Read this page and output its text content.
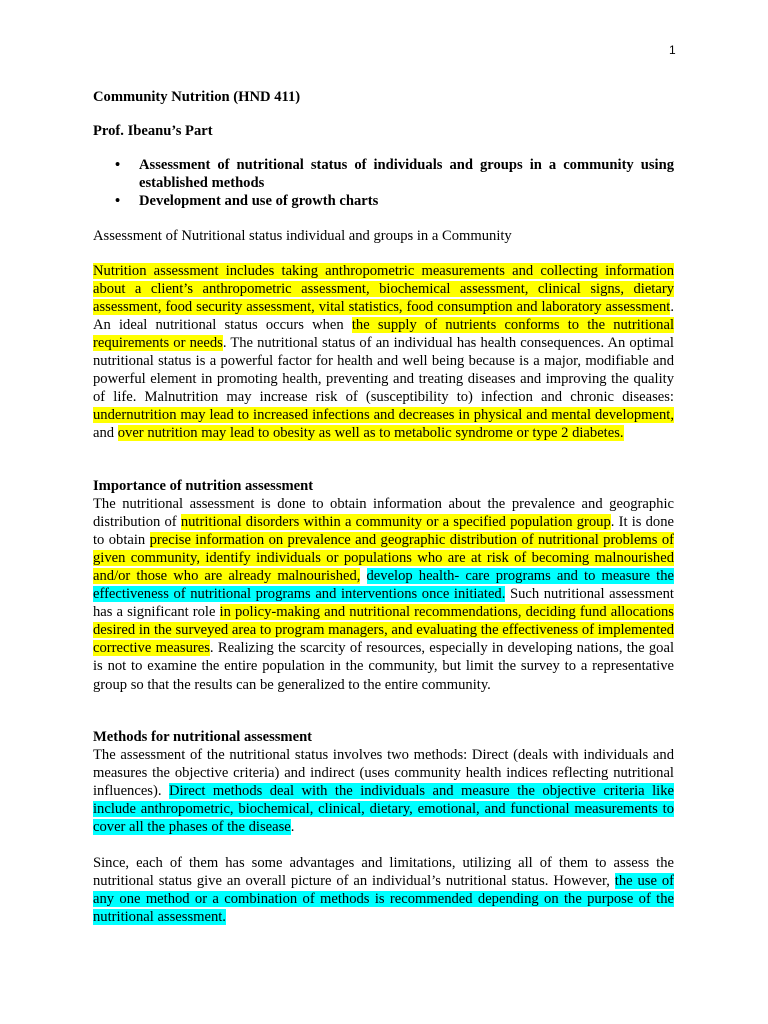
1

Community Nutrition (HND 411)

Prof. Ibeanu’s Part

• Assessment of nutritional status of individuals and groups in a community using established methods
• Development and use of growth charts

Assessment of Nutritional status individual and groups in a Community

Nutrition assessment includes taking anthropometric measurements and collecting information about a client’s anthropometric assessment, biochemical assessment, clinical signs, dietary assessment, food security assessment, vital statistics, food consumption and laboratory assessment. An ideal nutritional status occurs when the supply of nutrients conforms to the nutritional requirements or needs. The nutritional status of an individual has health consequences. An optimal nutritional status is a powerful factor for health and well being because is a major, modifiable and powerful element in promoting health, preventing and treating diseases and improving the quality of life. Malnutrition may increase risk of (susceptibility to) infection and chronic diseases: undernutrition may lead to increased infections and decreases in physical and mental development, and over nutrition may lead to obesity as well as to metabolic syndrome or type 2 diabetes.

Importance of nutrition assessment

The nutritional assessment is done to obtain information about the prevalence and geographic distribution of nutritional disorders within a community or a specified population group. It is done to obtain precise information on prevalence and geographic distribution of nutritional problems of given community, identify individuals or populations who are at risk of becoming malnourished and/or those who are already malnourished, develop health- care programs and to measure the effectiveness of nutritional programs and interventions once initiated. Such nutritional assessment has a significant role in policy-making and nutritional recommendations, deciding fund allocations desired in the surveyed area to program managers, and evaluating the effectiveness of implemented corrective measures. Realizing the scarcity of resources, especially in developing nations, the goal is not to examine the entire population in the community, but limit the survey to a representative group so that the results can be generalized to the entire community.

Methods for nutritional assessment

The assessment of the nutritional status involves two methods: Direct (deals with individuals and measures the objective criteria) and indirect (uses community health indices reflecting nutritional influences). Direct methods deal with the individuals and measure the objective criteria like include anthropometric, biochemical, clinical, dietary, emotional, and functional measurements to cover all the phases of the disease.

Since, each of them has some advantages and limitations, utilizing all of them to assess the nutritional status give an overall picture of an individual’s nutritional status. However, the use of any one method or a combination of methods is recommended depending on the purpose of the nutritional assessment.
